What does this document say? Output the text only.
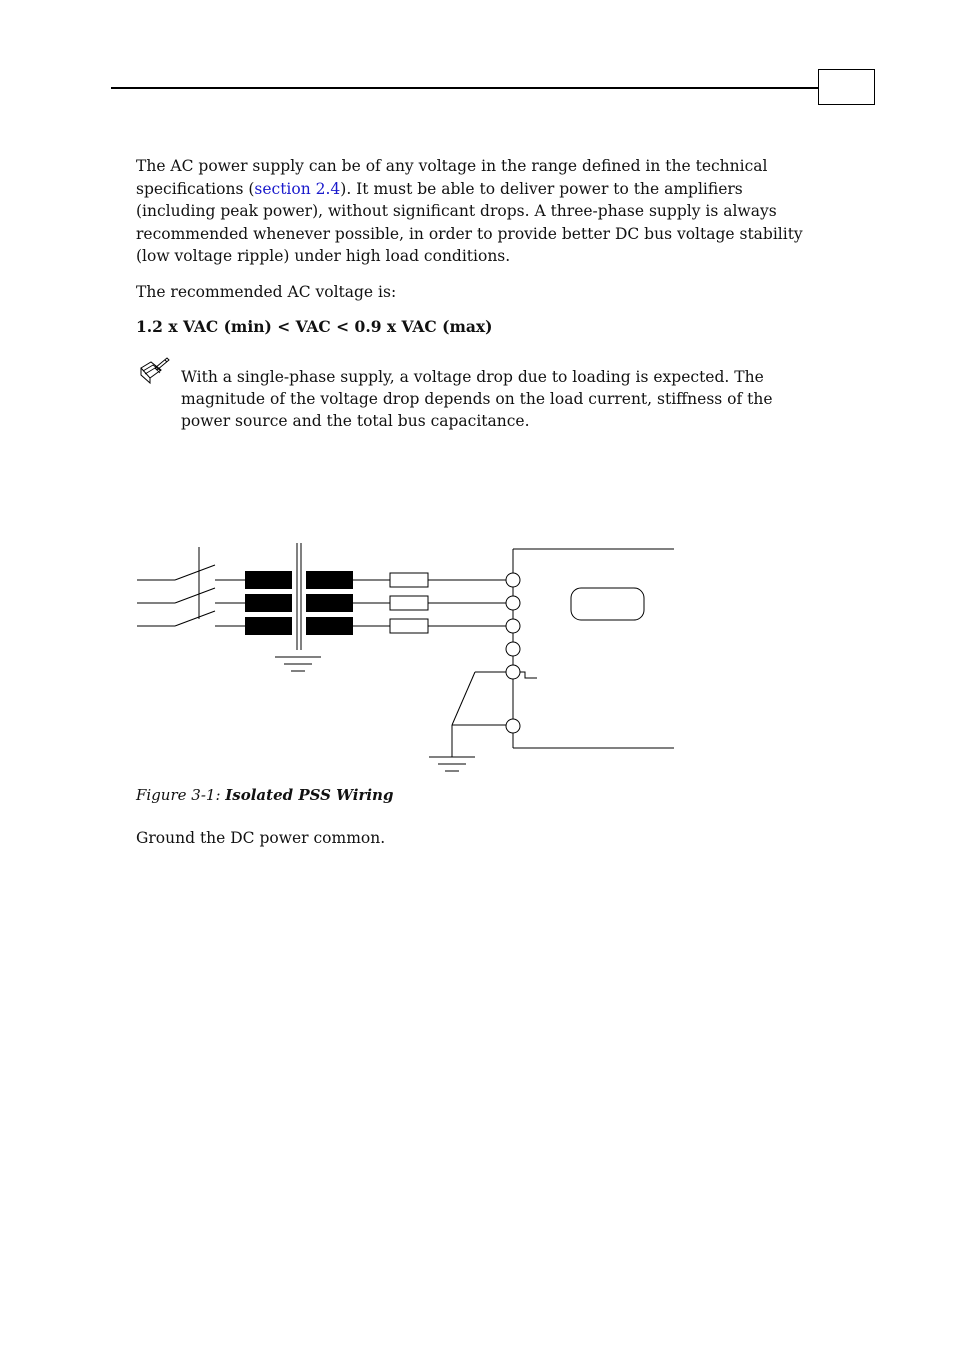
The AC power supply can be of any voltage in the range defined in the technical specifications (section 2.4). It must be able to deliver power to the amplifiers (including peak power), without significant drops. A three-phase supply is always recommended whenever possible, in order to provide better DC bus voltage stability (low voltage ripple) under high load conditions.

The recommended AC voltage is:

1.2 x VAC (min) < VAC < 0.9 x VAC (max)

With a single-phase supply, a voltage drop due to loading is expected. The magnitude of the voltage drop depends on the load current, stiffness of the power source and the total bus capacitance.

Figure 3-1: Isolated PSS Wiring

Ground the DC power common.
